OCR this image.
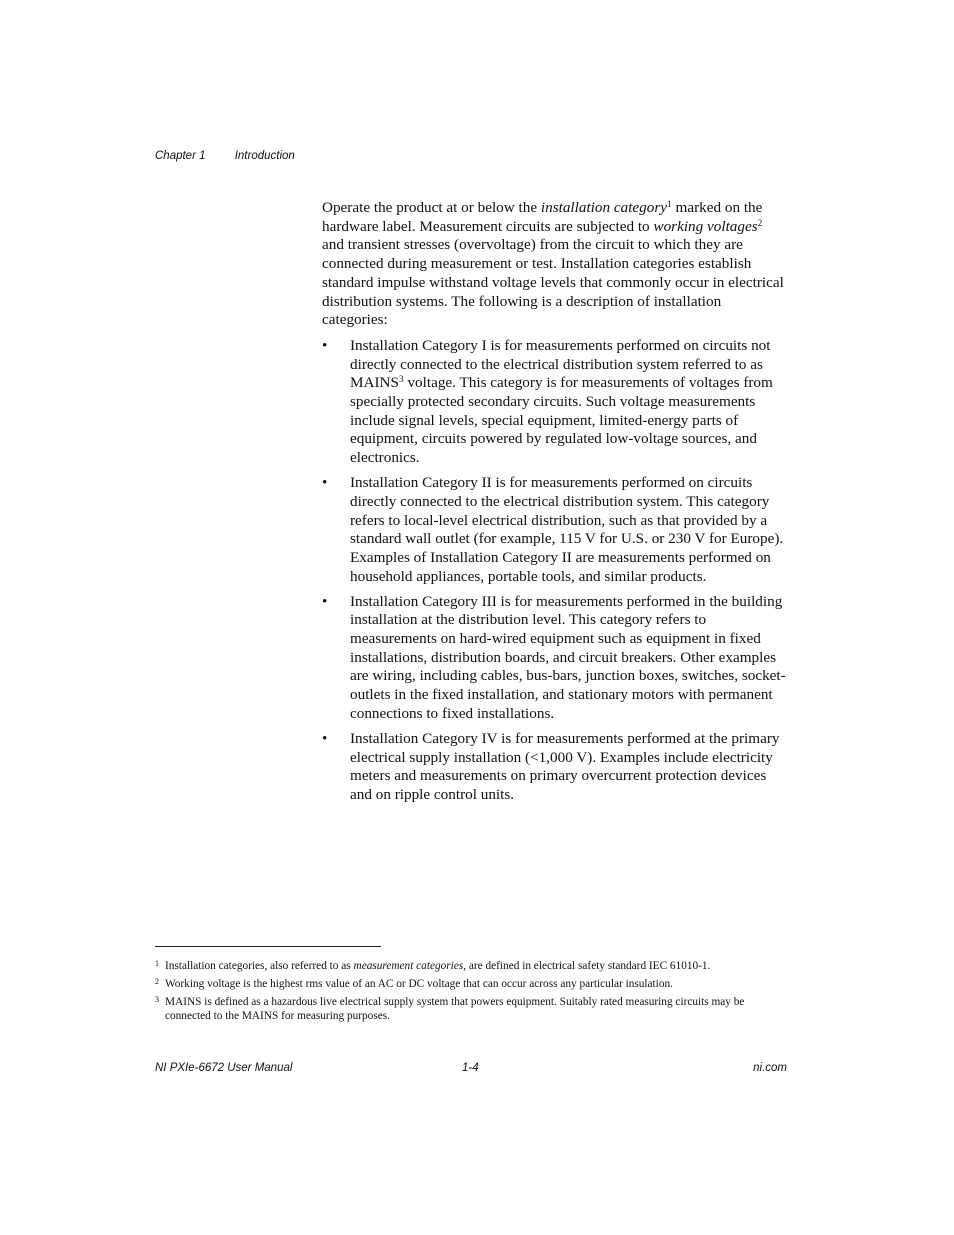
Chapter 1	Introduction

Operate the product at or below the installation category$^1$ marked on the hardware label. Measurement circuits are subjected to working voltages$^2$ and transient stresses (overvoltage) from the circuit to which they are connected during measurement or test. Installation categories establish standard impulse withstand voltage levels that commonly occur in electrical distribution systems. The following is a description of installation categories:

• Installation Category I is for measurements performed on circuits not directly connected to the electrical distribution system referred to as MAINS$^3$ voltage. This category is for measurements of voltages from specially protected secondary circuits. Such voltage measurements include signal levels, special equipment, limited-energy parts of equipment, circuits powered by regulated low-voltage sources, and electronics.
• Installation Category II is for measurements performed on circuits directly connected to the electrical distribution system. This category refers to local-level electrical distribution, such as that provided by a standard wall outlet (for example, 115 V for U.S. or 230 V for Europe). Examples of Installation Category II are measurements performed on household appliances, portable tools, and similar products.
• Installation Category III is for measurements performed in the building installation at the distribution level. This category refers to measurements on hard-wired equipment such as equipment in fixed installations, distribution boards, and circuit breakers. Other examples are wiring, including cables, bus-bars, junction boxes, switches, socket-outlets in the fixed installation, and stationary motors with permanent connections to fixed installations.
• Installation Category IV is for measurements performed at the primary electrical supply installation (<1,000 V). Examples include electricity meters and measurements on primary overcurrent protection devices and on ripple control units.
1 Installation categories, also referred to as measurement categories, are defined in electrical safety standard IEC 61010-1.
2 Working voltage is the highest rms value of an AC or DC voltage that can occur across any particular insulation.
3 MAINS is defined as a hazardous live electrical supply system that powers equipment. Suitably rated measuring circuits may be connected to the MAINS for measuring purposes.
NI PXIe-6672 User Manual	1-4	ni.com
